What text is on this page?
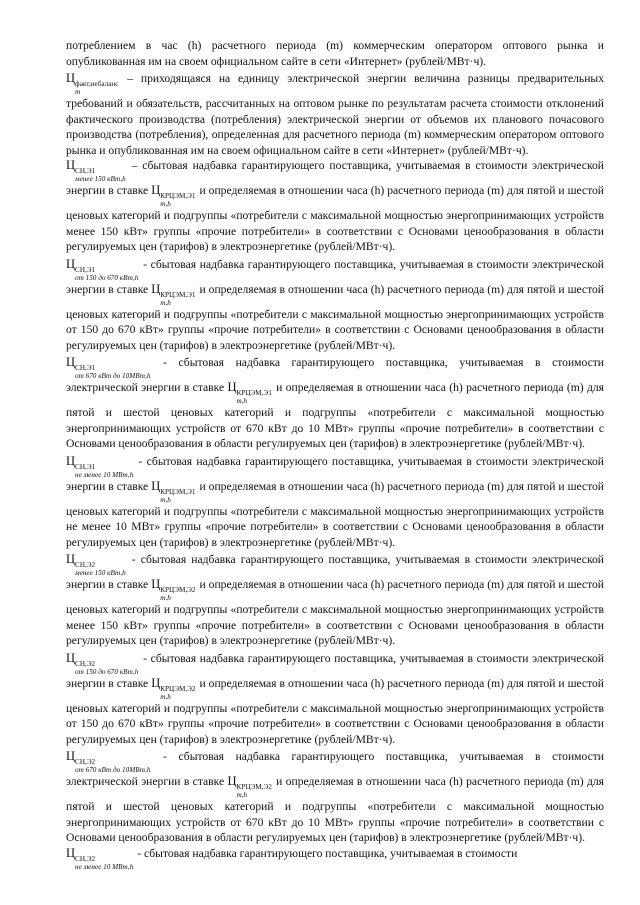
потреблением в час (h) расчетного периода (m) коммерческим оператором оптового рынка и опубликованная им на своем официальном сайте в сети «Интернет» (рублей/МВт·ч).

Ц факт,небаланс
m
– приходящаяся на единицу электрической энергии величина разницы предварительных требований и обязательств, рассчитанных на оптовом рынке по результатам расчета стоимости отклонений фактического производства (потребления) электрической энергии от объемов их планового почасового производства (потребления), определенная для расчетного периода (m) коммерческим оператором оптового рынка и опубликованная им на своем официальном сайте в сети «Интернет» (рублей/МВт·ч).

Ц СН,Э1
менее 150 кВт,h
– сбытовая надбавка гарантирующего поставщика, учитываемая в стоимости электрической энергии в ставке Ц КРЦЭМ,Э1
m,h
и определяемая в отношении часа (h) расчетного периода (m) для пятой и шестой ценовых категорий и подгруппы «потребители с максимальной мощностью энергопринимающих устройств менее 150 кВт» группы «прочие потребители» в соответствии с Основами ценообразования в области регулируемых цен (тарифов) в электроэнергетике (рублей/МВт·ч).

Ц СН,Э1
от 150 до 670 кВт,h
- сбытовая надбавка гарантирующего поставщика, учитываемая в стоимости электрической энергии в ставке Ц КРЦЭМ,Э1
m,h
и определяемая в отношении часа (h) расчетного периода (m) для пятой и шестой ценовых категорий и подгруппы «потребители с максимальной мощностью энергопринимающих устройств от 150 до 670 кВт» группы «прочие потребители» в соответствии с Основами ценообразования в области регулируемых цен (тарифов) в электроэнергетике (рублей/МВт·ч).

Ц СН,Э1
от 670 кВт до 10МВт,h
- сбытовая надбавка гарантирующего поставщика, учитываемая в стоимости электрической энергии в ставке Ц КРЦЭМ,Э1
m,h
и определяемая в отношении часа (h) расчетного периода (m) для пятой и шестой ценовых категорий и подгруппы «потребители с максимальной мощностью энергопринимающих устройств от 670 кВт до 10 МВт» группы «прочие потребители» в соответствии с Основами ценообразования в области регулируемых цен (тарифов) в электроэнергетике (рублей/МВт·ч).

Ц СН,Э1
не менее 10 МВт,h
- сбытовая надбавка гарантирующего поставщика, учитываемая в стоимости электрической энергии в ставке Ц КРЦЭМ,Э1
m,h
и определяемая в отношении часа (h) расчетного периода (m) для пятой и шестой ценовых категорий и подгруппы «потребители с максимальной мощностью энергопринимающих устройств не менее 10 МВт» группы «прочие потребители» в соответствии с Основами ценообразования в области регулируемых цен (тарифов) в электроэнергетике (рублей/МВт·ч).

Ц СН,Э2
менее 150 кВт,h
- сбытовая надбавка гарантирующего поставщика, учитываемая в стоимости электрической энергии в ставке Ц КРЦЭМ,Э2
m,h
и определяемая в отношении часа (h) расчетного периода (m) для пятой и шестой ценовых категорий и подгруппы «потребители с максимальной мощностью энергопринимающих устройств менее 150 кВт» группы «прочие потребители» в соответствии с Основами ценообразования в области регулируемых цен (тарифов) в электроэнергетике (рублей/МВт·ч).

Ц СН,Э2
от 150 до 670 кВт,h
- сбытовая надбавка гарантирующего поставщика, учитываемая в стоимости электрической энергии в ставке Ц КРЦЭМ,Э2
m,h
и определяемая в отношении часа (h) расчетного периода (m) для пятой и шестой ценовых категорий и подгруппы «потребители с максимальной мощностью энергопринимающих устройств от 150 до 670 кВт» группы «прочие потребители» в соответствии с Основами ценообразования в области регулируемых цен (тарифов) в электроэнергетике (рублей/МВт·ч).

Ц СН,Э2
от 670 кВт до 10МВт,h
- сбытовая надбавка гарантирующего поставщика, учитываемая в стоимости электрической энергии в ставке Ц КРЦЭМ,Э2
m,h
и определяемая в отношении часа (h) расчетного периода (m) для пятой и шестой ценовых категорий и подгруппы «потребители с максимальной мощностью энергопринимающих устройств от 670 кВт до 10 МВт» группы «прочие потребители» в соответствии с Основами ценообразования в области регулируемых цен (тарифов) в электроэнергетике (рублей/МВт·ч).

Ц СН,Э2
не менее 10 МВт,h
- сбытовая надбавка гарантирующего поставщика, учитываемая в стоимости
